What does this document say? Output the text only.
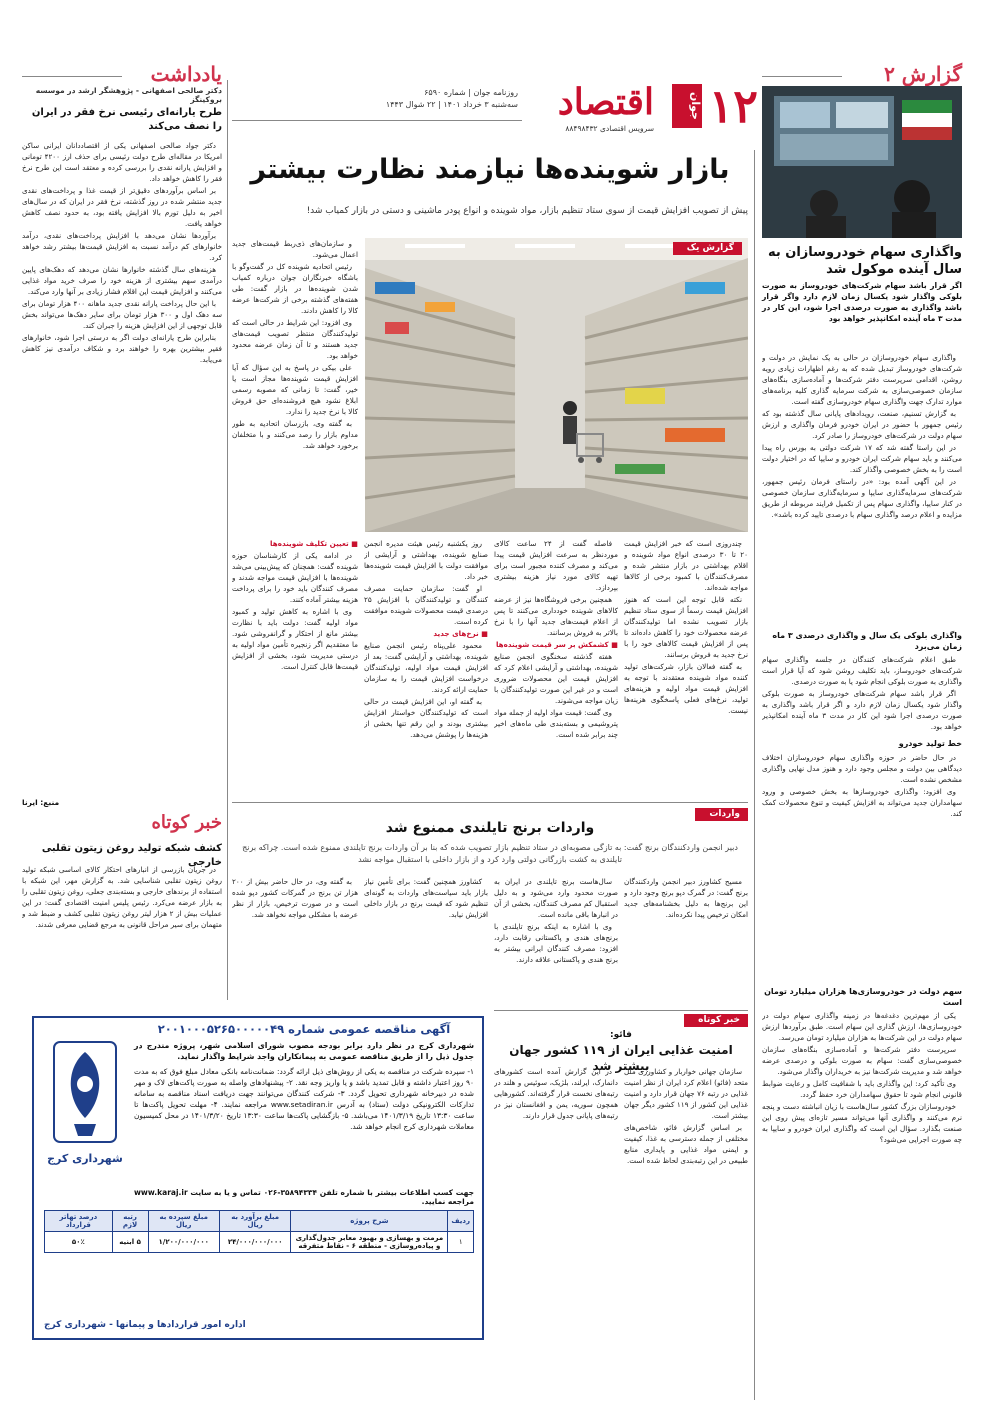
۱۲
جوان
اقتصاد
روزنامه جوان | شماره ۶۵۹۰
سه‌شنبه ۳ خرداد ۱۴۰۱ | ۲۲ شوال ۱۴۴۳
سرویس اقتصادی ۸۸۴۹۸۴۳۲
گزارش ۲
واگذاری سهام خودروسازان به سال آینده موکول شد
اگر قرار باشد سهام شرکت‌های خودروساز به صورت بلوکی واگذار شود یکسال زمان لازم دارد واگر قرار باشد واگذاری به صورت درصدی اجرا شود، این کار در مدت ۳ ماه آینده امکانپذیر خواهد بود

واگذاری سهام خودروسازان در حالی به یک نمایش در دولت و شرکت‌های خودروساز تبدیل شده که به رغم اظهارات زیادی رویه روشن، اقدامی سرپرست دفتر شرکت‌ها و آماده‌سازی بنگاه‌های سازمان خصوصی‌سازی به شرکت سرمایه گذاری کلیه برنامه‌های موارد تدارک جهت واگذاری سهام خودروسازی گفته است.

به گزارش تسنیم، صنعت، رویدادهای پایانی سال گذشته بود که رئیس جمهور با حضور در ایران خودرو فرمان واگذاری و ارزش سهام دولت در شرکت‌های خودروساز را صادر کرد.

در این راستا گفته شد که ۱۷ شرکت دولتی به بورس راه پیدا می‌کنند و باید سهام شرکت ایران خودرو و سایپا که در اختیار دولت است را به بخش خصوصی واگذار کند.

در این آگهی آمده بود: «در راستای فرمان رئیس جمهور، شرکت‌های سرمایه‌گذاری سایپا و سرمایه‌گذاری سازمان خصوصی در کنار سایپا، واگذاری سهام پس از تکمیل فرایند مربوطه از طریق مزایده و اعلام درصد واگذاری سهام با درصدی تایید کرده باشد».

واگذاری بلوکی یک سال و واگذاری درصدی ۳ ماه زمان می‌برد

طبق اعلام شرکت‌های کنندگان در جلسه واگذاری سهام شرکت‌های خودروساز، باید تکلیف روشن شود که آیا قرار است واگذاری به صورت بلوکی انجام شود یا به صورت درصدی.

اگر قرار باشد سهام شرکت‌های خودروساز به صورت بلوکی واگذار شود یکسال زمان لازم دارد و اگر قرار باشد واگذاری به صورت درصدی اجرا شود این کار در مدت ۳ ماه آینده امکانپذیر خواهد بود.

خط تولید خودرو

در حال حاضر در حوزه واگذاری سهام خودروسازان اختلاف دیدگاهی بین دولت و مجلس وجود دارد و هنوز مدل نهایی واگذاری مشخص نشده است.

وی افزود: واگذاری خودروسازها به بخش خصوصی و ورود سهامداران جدید می‌تواند به افزایش کیفیت و تنوع محصولات کمک کند.

سهم دولت در خودروسازی‌ها هزاران میلیارد تومان است

یکی از مهم‌ترین دغدغه‌ها در زمینه واگذاری سهام دولت در خودروسازی‌ها، ارزش گذاری این سهام است. طبق برآوردها ارزش سهام دولت در این شرکت‌ها به هزاران میلیارد تومان می‌رسد.

سرپرست دفتر شرکت‌ها و آماده‌سازی بنگاه‌های سازمان خصوصی‌سازی گفت: سهام به صورت بلوکی و درصدی عرضه خواهد شد و مدیریت شرکت‌ها نیز به خریداران واگذار می‌شود.

وی تأکید کرد: این واگذاری باید با شفافیت کامل و رعایت ضوابط قانونی انجام شود تا حقوق سهامداران خرد حفظ گردد.

خودروسازان بزرگ کشور سال‌هاست با زیان انباشته دست و پنجه نرم می‌کنند و واگذاری آنها می‌تواند مسیر تازه‌ای پیش روی این صنعت بگذارد. سؤال این است که واگذاری ایران خودرو و سایپا به چه صورت اجرایی می‌شود؟

بازار شوینده‌ها نیازمند نظارت بیشتر
پیش از تصویب افزایش قیمت از سوی ستاد تنظیم بازار، مواد شوینده و انواع پودر ماشینی و دستی در بازار کمیاب شد!
گزارش یک

و سازمان‌های ذی‌ربط قیمت‌های جدید اعمال می‌شود.

رئیس اتحادیه شوینده کل در گفت‌وگو با باشگاه خبرنگاران جوان درباره کمیاب شدن شوینده‌ها در بازار گفت: طی هفته‌های گذشته برخی از شرکت‌ها عرضه کالا را کاهش دادند.

وی افزود: این شرایط در حالی است که تولیدکنندگان منتظر تصویب قیمت‌های جدید هستند و تا آن زمان عرضه محدود خواهد بود.

علی بیکی در پاسخ به این سؤال که آیا افزایش قیمت شوینده‌ها مجاز است یا خیر، گفت: تا زمانی که مصوبه رسمی ابلاغ نشود هیچ فروشنده‌ای حق فروش کالا با نرخ جدید را ندارد.

به گفته وی، بازرسان اتحادیه به طور مداوم بازار را رصد می‌کنند و با متخلفان برخورد خواهد شد.

چندروزی است که خبر افزایش قیمت ۲۰ تا ۳۰ درصدی انواع مواد شوینده و اقلام بهداشتی در بازار منتشر شده و مصرف‌کنندگان با کمبود برخی از کالاها مواجه شده‌اند.

نکته قابل توجه این است که هنوز افزایش قیمت رسماً از سوی ستاد تنظیم بازار تصویب نشده اما تولیدکنندگان عرضه محصولات خود را کاهش داده‌اند تا پس از افزایش قیمت کالاهای خود را با نرخ جدید به فروش برسانند.

به گفته فعالان بازار، شرکت‌های تولید کننده مواد شوینده معتقدند با توجه به افزایش قیمت مواد اولیه و هزینه‌های تولید، نرخ‌های فعلی پاسخگوی هزینه‌ها نیست.

فاصله گفت از ۲۴ ساعت کالای موردنظر به سرعت افزایش قیمت پیدا می‌کند و مصرف کننده مجبور است برای تهیه کالای مورد نیاز هزینه بیشتری بپردازد.

همچنین برخی فروشگاه‌ها نیز از عرضه کالاهای شوینده خودداری می‌کنند تا پس از اعلام قیمت‌های جدید آنها را با نرخ بالاتر به فروش برسانند.

■ کشمکش بر سر قیمت شوینده‌ها

هفته گذشته سخنگوی انجمن صنایع شوینده، بهداشتی و آرایشی اعلام کرد که افزایش قیمت این محصولات ضروری است و در غیر این صورت تولیدکنندگان با زیان مواجه می‌شوند.

وی گفت: قیمت مواد اولیه از جمله مواد پتروشیمی و بسته‌بندی طی ماه‌های اخیر چند برابر شده است.

روز یکشنبه رئیس هیئت مدیره انجمن صنایع شوینده، بهداشتی و آرایشی از موافقت دولت با افزایش قیمت شوینده‌ها خبر داد.

او گفت: سازمان حمایت مصرف کنندگان و تولیدکنندگان با افزایش ۲۵ درصدی قیمت محصولات شوینده موافقت کرده است.

■ نرخ‌های جدید

محمود علی‌پناه رئیس انجمن صنایع شوینده، بهداشتی و آرایشی گفت: بعد از افزایش قیمت مواد اولیه، تولیدکنندگان درخواست افزایش قیمت را به سازمان حمایت ارائه کردند.

به گفته او، این افزایش قیمت در حالی است که تولیدکنندگان خواستار افزایش بیشتری بودند و این رقم تنها بخشی از هزینه‌ها را پوشش می‌دهد.

■ تعیین تکلیف شوینده‌ها

در ادامه یکی از کارشناسان حوزه شوینده گفت: همچنان که پیش‌بینی می‌شد شوینده‌ها با افزایش قیمت مواجه شدند و مصرف کنندگان باید خود را برای پرداخت هزینه بیشتر آماده کنند.

وی با اشاره به کاهش تولید و کمبود مواد اولیه گفت: دولت باید با نظارت بیشتر مانع از احتکار و گرانفروشی شود. ما معتقدیم اگر زنجیره تأمین مواد اولیه به درستی مدیریت شود، بخشی از افزایش قیمت‌ها قابل کنترل است.

واردات
واردات برنج تایلندی ممنوع شد
دبیر انجمن واردکنندگان برنج گفت: به تازگی مصوبه‌ای در ستاد تنظیم بازار تصویب شده که بنا بر آن واردات برنج تایلندی ممنوع شده است. چراکه برنج تایلندی به کشت بازرگانی دولتی وارد کرد و از بازار داخلی با استقبال مواجه نشد

مسیح کشاورز دبیر انجمن واردکنندگان برنج گفت: در گمرک دپو برنج وجود دارد و این برنج‌ها به دلیل بخشنامه‌های جدید امکان ترخیص پیدا نکرده‌اند.

سال‌هاست برنج تایلندی در ایران به صورت محدود وارد می‌شود و به دلیل استقبال کم مصرف کنندگان، بخشی از آن در انبارها باقی مانده است.

وی با اشاره به اینکه برنج تایلندی با برنج‌های هندی و پاکستانی رقابت دارد، افزود: مصرف کنندگان ایرانی بیشتر به برنج هندی و پاکستانی علاقه دارند.

کشاورز همچنین گفت: برای تأمین نیاز بازار باید سیاست‌های واردات به گونه‌ای تنظیم شود که قیمت برنج در بازار داخلی افزایش نیابد.

به گفته وی، در حال حاضر بیش از ۲۰۰ هزار تن برنج در گمرکات کشور دپو شده است و در صورت ترخیص، بازار از نظر عرضه با مشکلی مواجه نخواهد شد.

خبر کوتاه
فائو:
امنیت غذایی ایران از ۱۱۹ کشور جهان بیشتر شد

سازمان جهانی خواربار و کشاورزی ملل متحد (فائو) اعلام کرد ایران از نظر امنیت غذایی در رتبه ۷۶ جهان قرار دارد و امنیت غذایی این کشور از ۱۱۹ کشور دیگر جهان بیشتر است.

بر اساس گزارش فائو، شاخص‌های مختلفی از جمله دسترسی به غذا، کیفیت و ایمنی مواد غذایی و پایداری منابع طبیعی در این رتبه‌بندی لحاظ شده است.

در این گزارش آمده است کشورهای دانمارک، ایرلند، بلژیک، سوئیس و هلند در رتبه‌های نخست قرار گرفته‌اند. کشورهایی همچون سوریه، یمن و افغانستان نیز در رتبه‌های پایانی جدول قرار دارند.

یادداشت
دکتر صالحی اصفهانی - پژوهشگر ارشد در موسسه بروکینگز
طرح یارانه‌ای رئیسی نرخ فقر در ایران را نصف می‌کند

دکتر جواد صالحی اصفهانی یکی از اقتصاددانان ایرانی ساکن امریکا در مقاله‌ای طرح دولت رئیسی برای حذف ارز ۴۲۰۰ تومانی و افزایش یارانه نقدی را بررسی کرده و معتقد است این طرح نرخ فقر را کاهش خواهد داد.

بر اساس برآوردهای دقیق‌تر از قیمت غذا و پرداخت‌های نقدی جدید منتشر شده در روز گذشته، نرخ فقر در ایران که در سال‌های اخیر به دلیل تورم بالا افزایش یافته بود، به حدود نصف کاهش خواهد یافت.

برآوردها نشان می‌دهد با افزایش پرداخت‌های نقدی، درآمد خانوارهای کم درآمد نسبت به افزایش قیمت‌ها بیشتر رشد خواهد کرد.

هزینه‌های سال گذشته خانوارها نشان می‌دهد که دهک‌های پایین درآمدی سهم بیشتری از هزینه خود را صرف خرید مواد غذایی می‌کنند و افزایش قیمت این اقلام فشار زیادی بر آنها وارد می‌کند.

با این حال پرداخت یارانه نقدی جدید ماهانه ۴۰۰ هزار تومان برای سه دهک اول و ۳۰۰ هزار تومان برای سایر دهک‌ها می‌تواند بخش قابل توجهی از این افزایش هزینه را جبران کند.

بنابراین طرح یارانه‌ای دولت اگر به درستی اجرا شود، خانوارهای فقیر بیشترین بهره را خواهند برد و شکاف درآمدی نیز کاهش می‌یابد.

منبع: ایرنا
خبر کوتاه
کشف شبکه تولید روغن زیتون تقلبی خارجی

در جریان بازرسی از انبارهای احتکار کالای اساسی شبکه تولید روغن زیتون تقلبی شناسایی شد. به گزارش مهر، این شبکه با استفاده از برندهای خارجی و بسته‌بندی جعلی، روغن زیتون تقلبی را به بازار عرضه می‌کرد. رئیس پلیس امنیت اقتصادی گفت: در این عملیات بیش از ۲ هزار لیتر روغن زیتون تقلبی کشف و ضبط شد و متهمان برای سیر مراحل قانونی به مرجع قضایی معرفی شدند.

آگهی مناقصه عمومی شماره ۲۰۰۱۰۰۰۵۲۶۵۰۰۰۰۰۴۹
شهرداری کرج در نظر دارد برابر بودجه مصوب شورای اسلامی شهر، پروژه مندرج در جدول ذیل را از طریق مناقصه عمومی به پیمانکاران واجد شرایط واگذار نماید.
۱- سپرده شرکت در مناقصه به یکی از روش‌های ذیل ارائه گردد: ضمانت‌نامه بانکی معادل مبلغ فوق که به مدت ۹۰ روز اعتبار داشته و قابل تمدید باشد و یا واریز وجه نقد. ۲- پیشنهادهای واصله به صورت پاکت‌های لاک و مهر شده در دبیرخانه شهرداری تحویل گردد. ۳- شرکت کنندگان می‌توانند جهت دریافت اسناد مناقصه به سامانه تدارکات الکترونیکی دولت (ستاد) به آدرس www.setadiran.ir مراجعه نمایند. ۴- مهلت تحویل پاکت‌ها تا ساعت ۱۳:۳۰ تاریخ ۱۴۰۱/۳/۱۹ می‌باشد. ۵- بازگشایی پاکت‌ها ساعت ۱۳:۳۰ تاریخ ۱۴۰۱/۳/۲۰ در محل کمیسیون معاملات شهرداری کرج انجام خواهد شد.
جهت کسب اطلاعات بیشتر با شماره تلفن ۳۵۸۹۴۳۳۴-۰۲۶ تماس و یا به سایت www.karaj.ir مراجعه نمایید.
شهرداری کرج
ردیف	شرح پروژه	مبلغ برآورد به ریال	مبلغ سپرده به ریال	رتبه لازم	درصد تهاتر قرارداد
۱	مرمت و بهسازی و بهبود معابر جدول‌گذاری و پیاده‌روسازی - منطقه ۶ - نقاط متفرقه	۲۴/۰۰۰/۰۰۰/۰۰۰	۱/۲۰۰/۰۰۰/۰۰۰	۵ ابنیه	۵۰٪
اداره امور قراردادها و پیمانها - شهرداری کرج
